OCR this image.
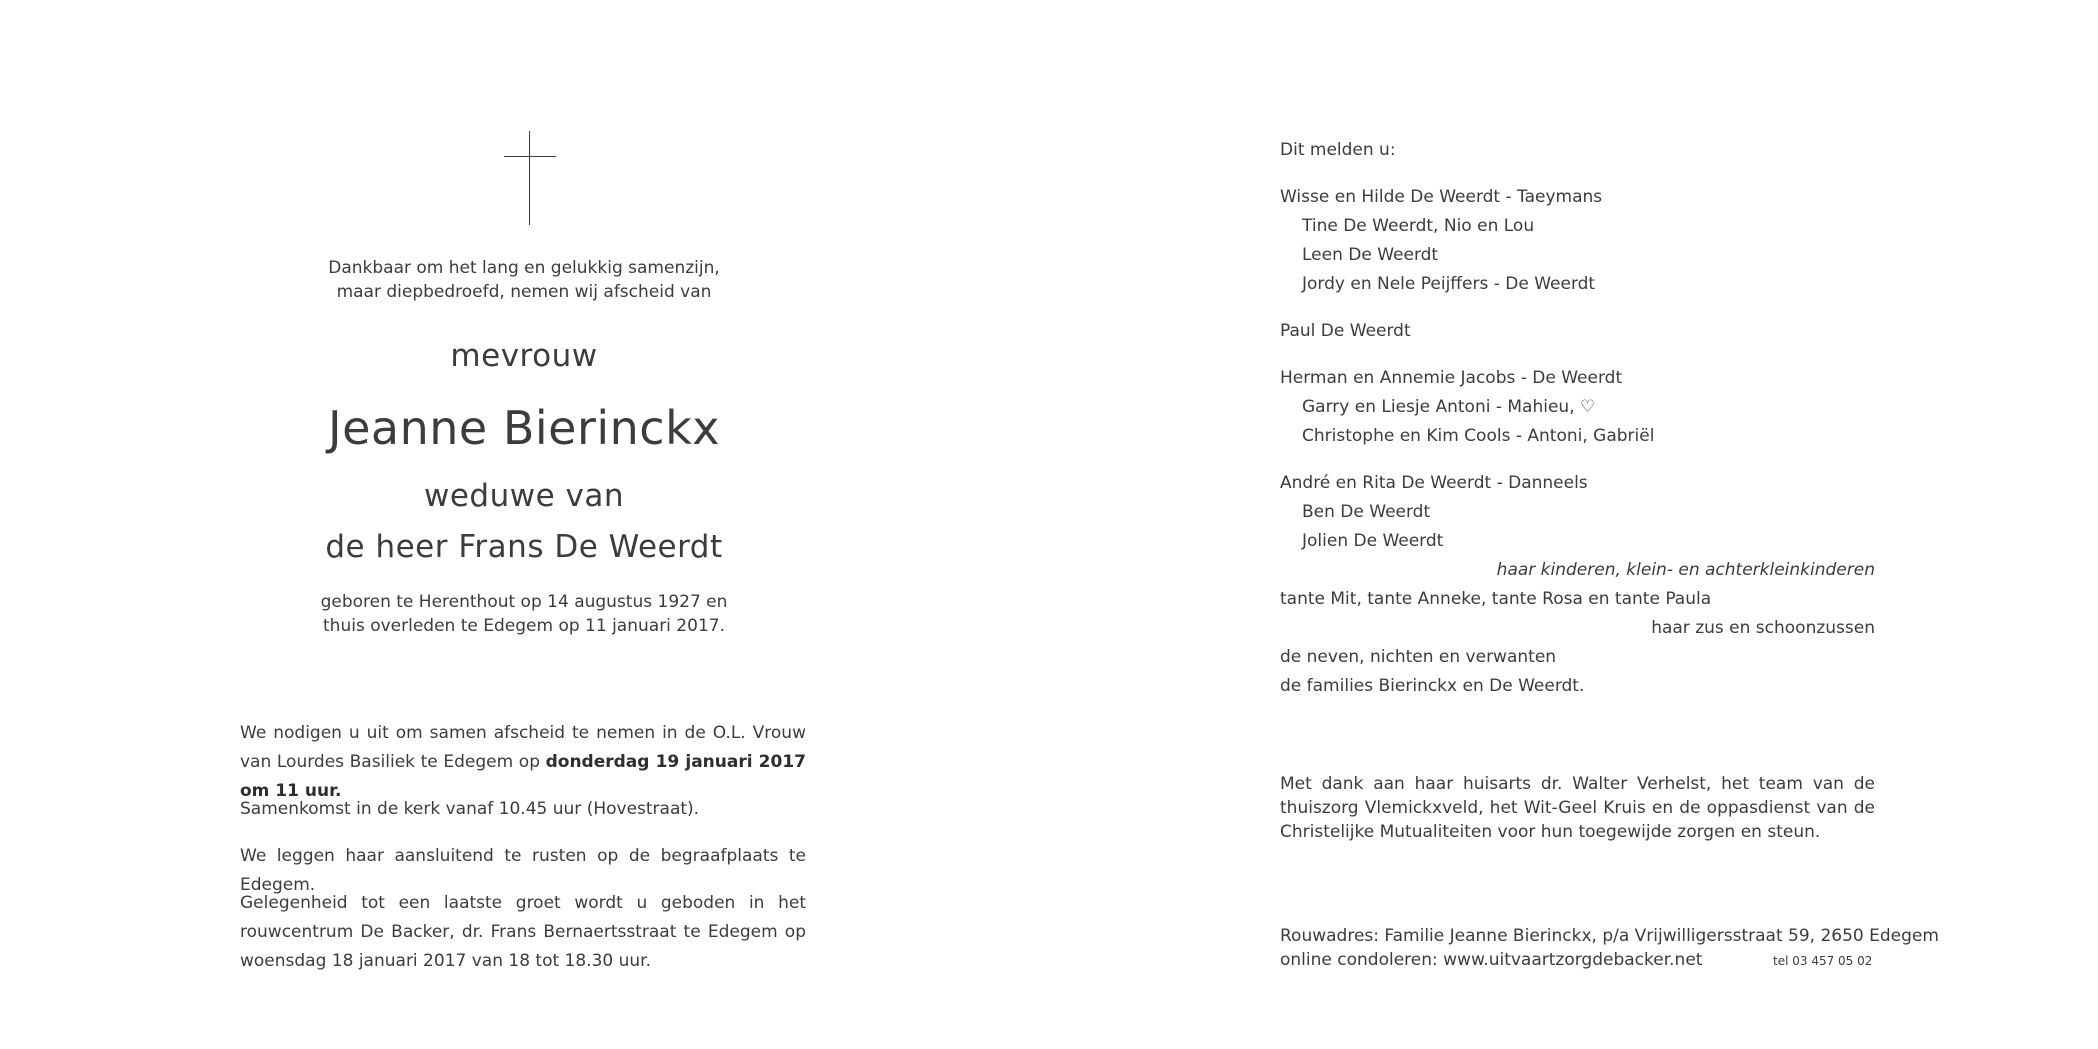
Dankbaar om het lang en gelukkig samenzijn,
maar diepbedroefd, nemen wij afscheid van
mevrouw
Jeanne Bierinckx
weduwe van
de heer Frans De Weerdt
geboren te Herenthout op 14 augustus 1927 en
thuis overleden te Edegem op 11 januari 2017.
We nodigen u uit om samen afscheid te nemen in de O.L. Vrouw van Lourdes Basiliek te Edegem op donderdag 19 januari 2017 om 11 uur.
Samenkomst in de kerk vanaf 10.45 uur (Hovestraat).
We leggen haar aansluitend te rusten op de begraafplaats te Edegem.
Gelegenheid tot een laatste groet wordt u geboden in het rouwcentrum De Backer, dr. Frans Bernaertsstraat te Edegem op woensdag 18 januari 2017 van 18 tot 18.30 uur.
Dit melden u:
Wisse en Hilde De Weerdt - Taeymans
Tine De Weerdt, Nio en Lou
Leen De Weerdt
Jordy en Nele Peijffers - De Weerdt
Paul De Weerdt
Herman en Annemie Jacobs - De Weerdt
Garry en Liesje Antoni - Mahieu, ♡
Christophe en Kim Cools - Antoni, Gabriël
André en Rita De Weerdt - Danneels
Ben De Weerdt
Jolien De Weerdt
haar kinderen, klein- en achterkleinkinderen
tante Mit, tante Anneke, tante Rosa en tante Paula
haar zus en schoonzussen
de neven, nichten en verwanten
de families Bierinckx en De Weerdt.
Met dank aan haar huisarts dr. Walter Verhelst, het team van de thuiszorg Vlemickxveld, het Wit-Geel Kruis en de oppasdienst van de Christelijke Mutualiteiten voor hun toegewijde zorgen en steun.
Rouwadres: Familie Jeanne Bierinckx, p/a Vrijwilligersstraat 59, 2650 Edegem
online condoleren: www.uitvaartzorgdebacker.net	tel 03 457 05 02
